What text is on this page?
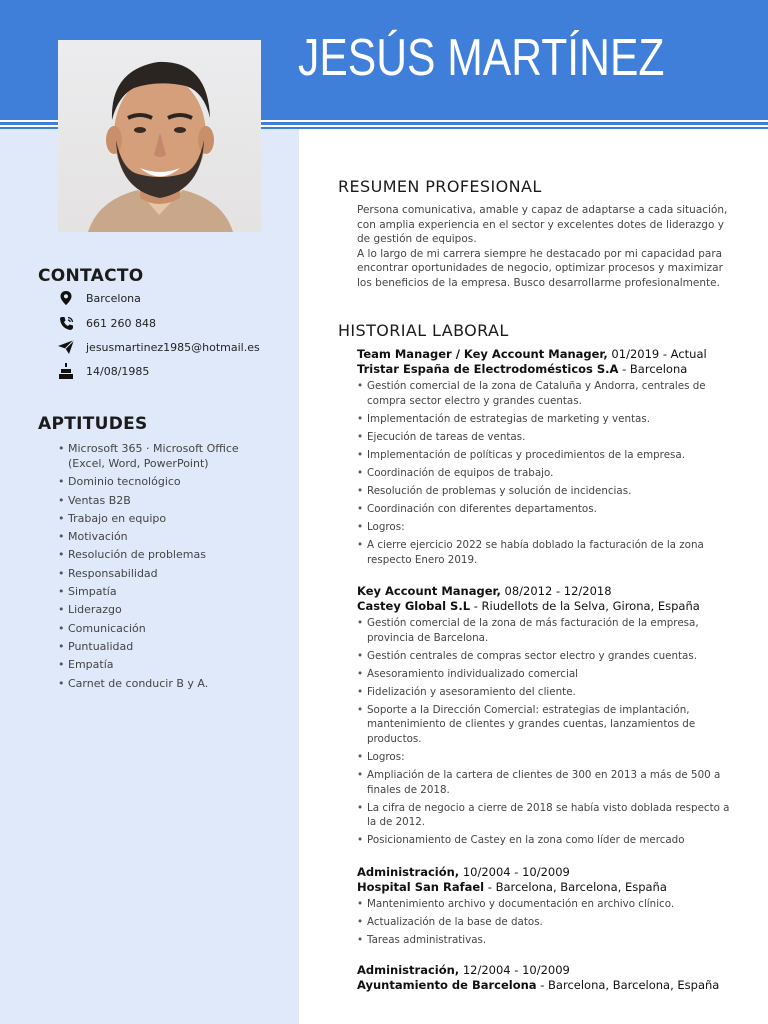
JESÚS MARTÍNEZ
CONTACTO
Barcelona
661 260 848
jesusmartinez1985@hotmail.es
14/08/1985
APTITUDES
• Microsoft 365 · Microsoft Office (Excel, Word, PowerPoint)
• Dominio tecnológico
• Ventas B2B
• Trabajo en equipo
• Motivación
• Resolución de problemas
• Responsabilidad
• Simpatía
• Liderazgo
• Comunicación
• Puntualidad
• Empatía
• Carnet de conducir B y A.
RESUMEN PROFESIONAL
Persona comunicativa, amable y capaz de adaptarse a cada situación, con amplia experiencia en el sector y excelentes dotes de liderazgo y de gestión de equipos.
A lo largo de mi carrera siempre he destacado por mi capacidad para encontrar oportunidades de negocio, optimizar procesos y maximizar los beneficios de la empresa. Busco desarrollarme profesionalmente.
HISTORIAL LABORAL
Team Manager / Key Account Manager, 01/2019 - Actual
Tristar España de Electrodomésticos S.A - Barcelona
• Gestión comercial de la zona de Cataluña y Andorra, centrales de compra sector electro y grandes cuentas.
• Implementación de estrategias de marketing y ventas.
• Ejecución de tareas de ventas.
• Implementación de políticas y procedimientos de la empresa.
• Coordinación de equipos de trabajo.
• Resolución de problemas y solución de incidencias.
• Coordinación con diferentes departamentos.
• Logros:
• A cierre ejercicio 2022 se había doblado la facturación de la zona respecto Enero 2019.
Key Account Manager, 08/2012 - 12/2018
Castey Global S.L - Riudellots de la Selva, Girona, España
• Gestión comercial de la zona de más facturación de la empresa, provincia de Barcelona.
• Gestión centrales de compras sector electro y grandes cuentas.
• Asesoramiento individualizado comercial
• Fidelización y asesoramiento del cliente.
• Soporte a la Dirección Comercial: estrategias de implantación, mantenimiento de clientes y grandes cuentas, lanzamientos de productos.
• Logros:
• Ampliación de la cartera de clientes de 300 en 2013 a más de 500 a finales de 2018.
• La cifra de negocio a cierre de 2018 se había visto doblada respecto a la de 2012.
• Posicionamiento de Castey en la zona como líder de mercado
Administración, 10/2004 - 10/2009
Hospital San Rafael - Barcelona, Barcelona, España
• Mantenimiento archivo y documentación en archivo clínico.
• Actualización de la base de datos.
• Tareas administrativas.
Administración, 12/2004 - 10/2009
Ayuntamiento de Barcelona - Barcelona, Barcelona, España
